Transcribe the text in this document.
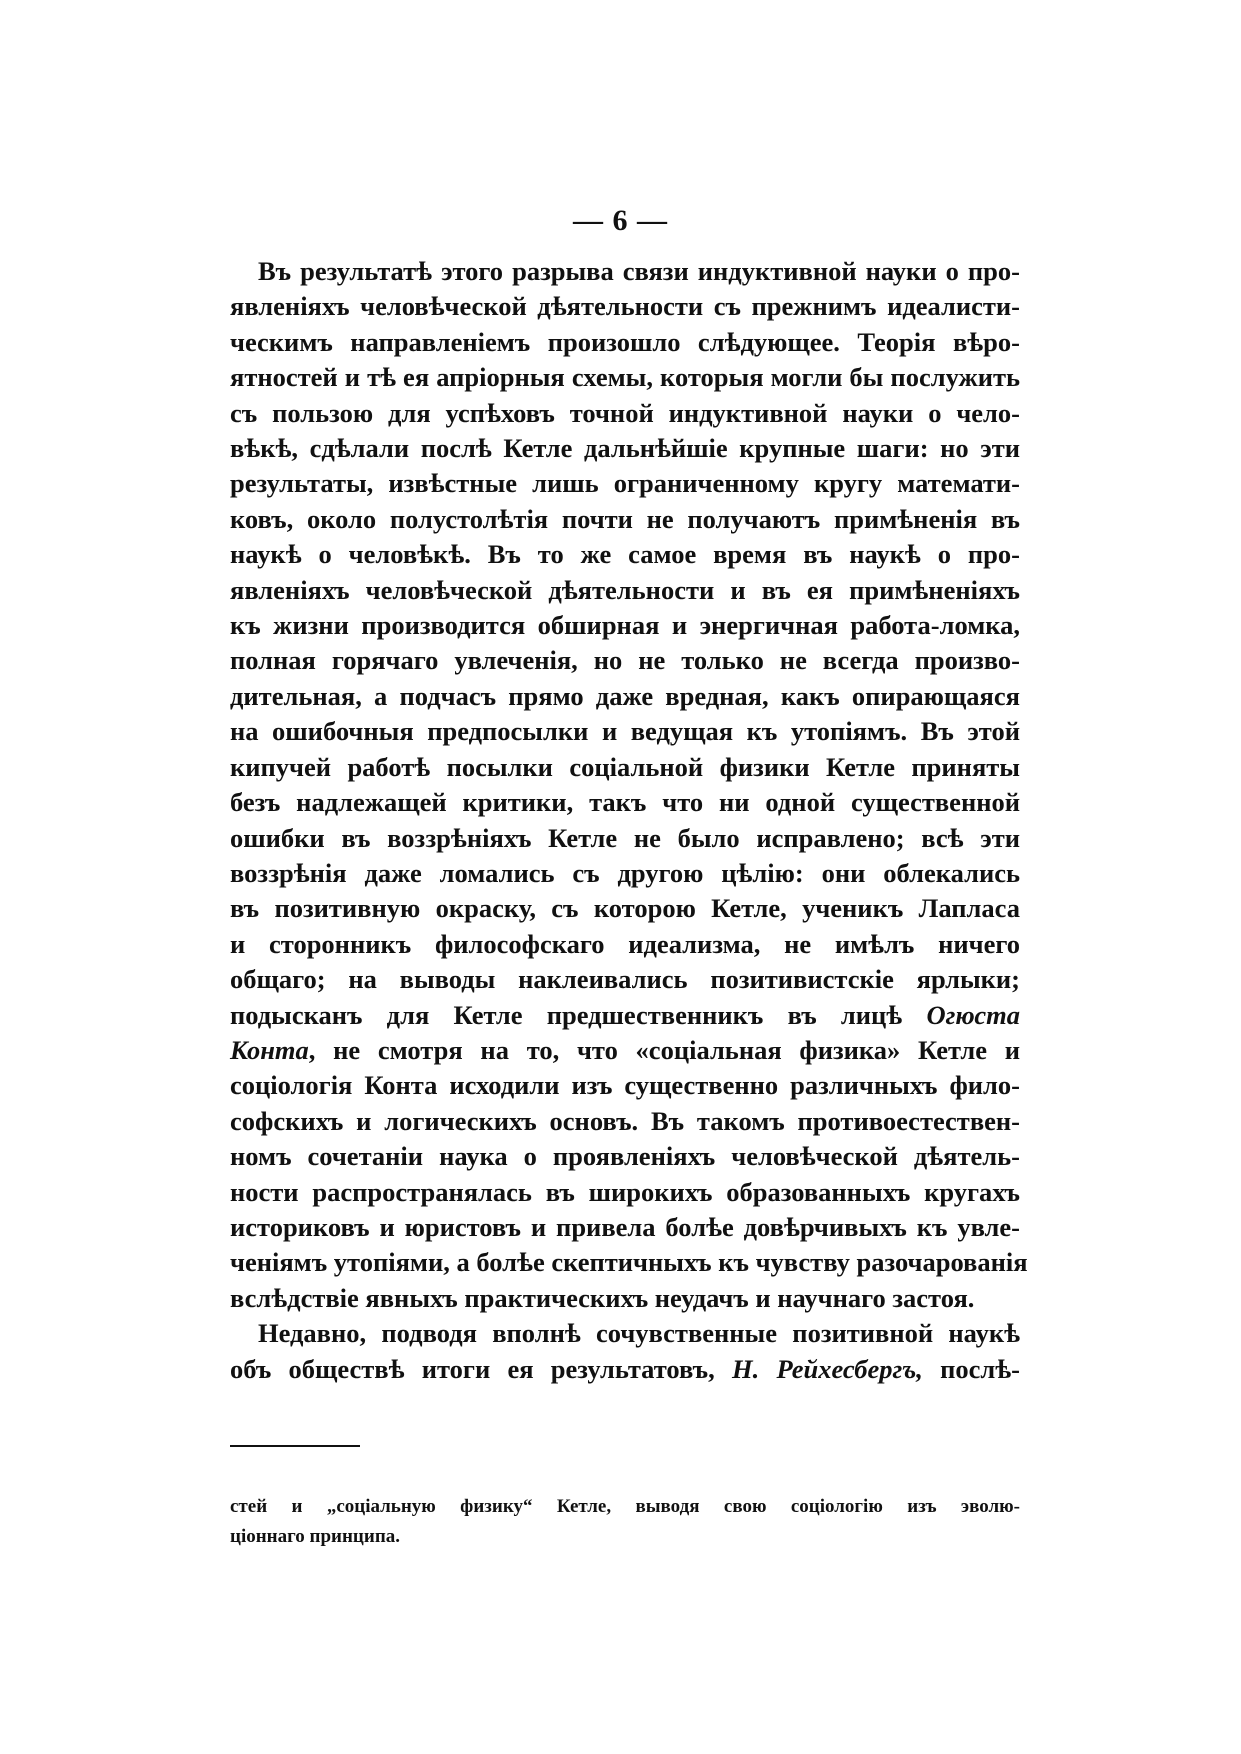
— 6 —
Въ результатѣ этого разрыва связи индуктивной науки о про-
явленіяхъ человѣческой дѣятельности съ прежнимъ идеалисти-
ческимъ направленіемъ произошло слѣдующее. Теорія вѣро-
ятностей и тѣ ея апріорныя схемы, которыя могли бы послужить
съ пользою для успѣховъ точной индуктивной науки о чело-
вѣкѣ, сдѣлали послѣ Кетле дальнѣйшіе крупные шаги: но эти
результаты, извѣстные лишь ограниченному кругу математи-
ковъ, около полустолѣтія почти не получаютъ примѣненія въ
наукѣ о человѣкѣ. Въ то же самое время въ наукѣ о про-
явленіяхъ человѣческой дѣятельности и въ ея примѣненіяхъ
къ жизни производится обширная и энергичная работа-ломка,
полная горячаго увлеченія, но не только не всегда произво-
дительная, а подчасъ прямо даже вредная, какъ опирающаяся
на ошибочныя предпосылки и ведущая къ утопіямъ. Въ этой
кипучей работѣ посылки соціальной физики Кетле приняты
безъ надлежащей критики, такъ что ни одной существенной
ошибки въ воззрѣніяхъ Кетле не было исправлено; всѣ эти
воззрѣнія даже ломались съ другою цѣлію: они облекались
въ позитивную окраску, съ которою Кетле, ученикъ Лапласа
и сторонникъ философскаго идеализма, не имѣлъ ничего
общаго; на выводы наклеивались позитивистскіе ярлыки;
подысканъ для Кетле предшественникъ въ лицѣ Огюста
Конта, не смотря на то, что «соціальная физика» Кетле и
соціологія Конта исходили изъ существенно различныхъ фило-
софскихъ и логическихъ основъ. Въ такомъ противоестествен-
номъ сочетаніи наука о проявленіяхъ человѣческой дѣятель-
ности распространялась въ широкихъ образованныхъ кругахъ
историковъ и юристовъ и привела болѣе довѣрчивыхъ къ увле-
ченіямъ утопіями, а болѣе скептичныхъ къ чувству разочарованія
вслѣдствіе явныхъ практическихъ неудачъ и научнаго застоя.
Недавно, подводя вполнѣ сочувственные позитивной наукѣ
объ обществѣ итоги ея результатовъ, Н. Рейхесбергъ, послѣ-
стей и „соціальную физику“ Кетле, выводя свою соціологію изъ эволю-
ціоннаго принципа.
